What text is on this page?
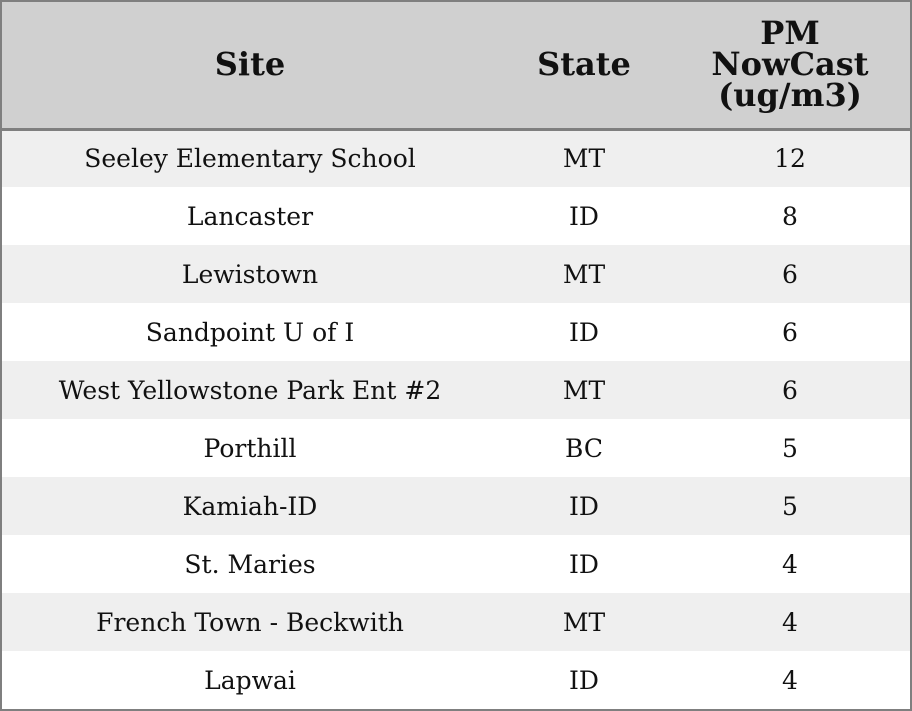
Site	State	PM
NowCast
(ug/m3)
Seeley Elementary School	MT	12
Lancaster	ID	8
Lewistown	MT	6
Sandpoint U of I	ID	6
West Yellowstone Park Ent #2	MT	6
Porthill	BC	5
Kamiah-ID	ID	5
St. Maries	ID	4
French Town - Beckwith	MT	4
Lapwai	ID	4
